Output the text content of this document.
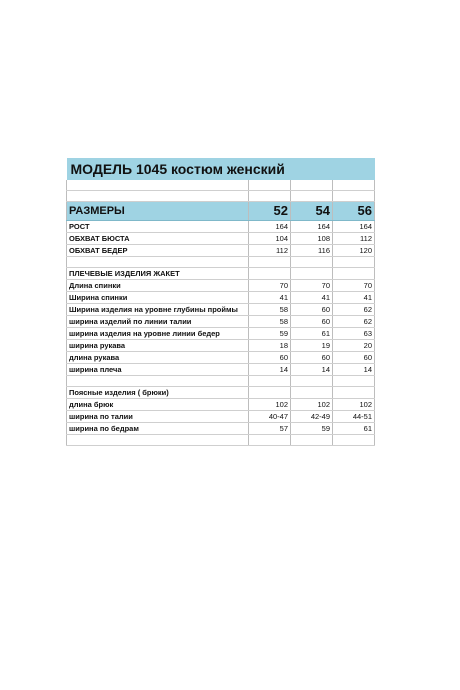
МОДЕЛЬ 1045 костюм женский			

РАЗМЕРЫ	52	54	56
РОСТ	164	164	164
ОБХВАТ БЮСТА	104	108	112
ОБХВАТ БЕДЕР	112	116	120

ПЛЕЧЕВЫЕ ИЗДЕЛИЯ ЖАКЕТ			
Длина спинки	70	70	70
Ширина спинки	41	41	41
Ширина изделия на уровне глубины проймы	58	60	62
ширина изделий по линии талии	58	60	62
ширина изделия на уровне линии бедер	59	61	63
ширина рукава	18	19	20
длина рукава	60	60	60
ширина плеча	14	14	14

Поясные изделия ( брюки)			
длина брюк	102	102	102
ширина по талии	40-47	42-49	44-51
ширина по бедрам	57	59	61
